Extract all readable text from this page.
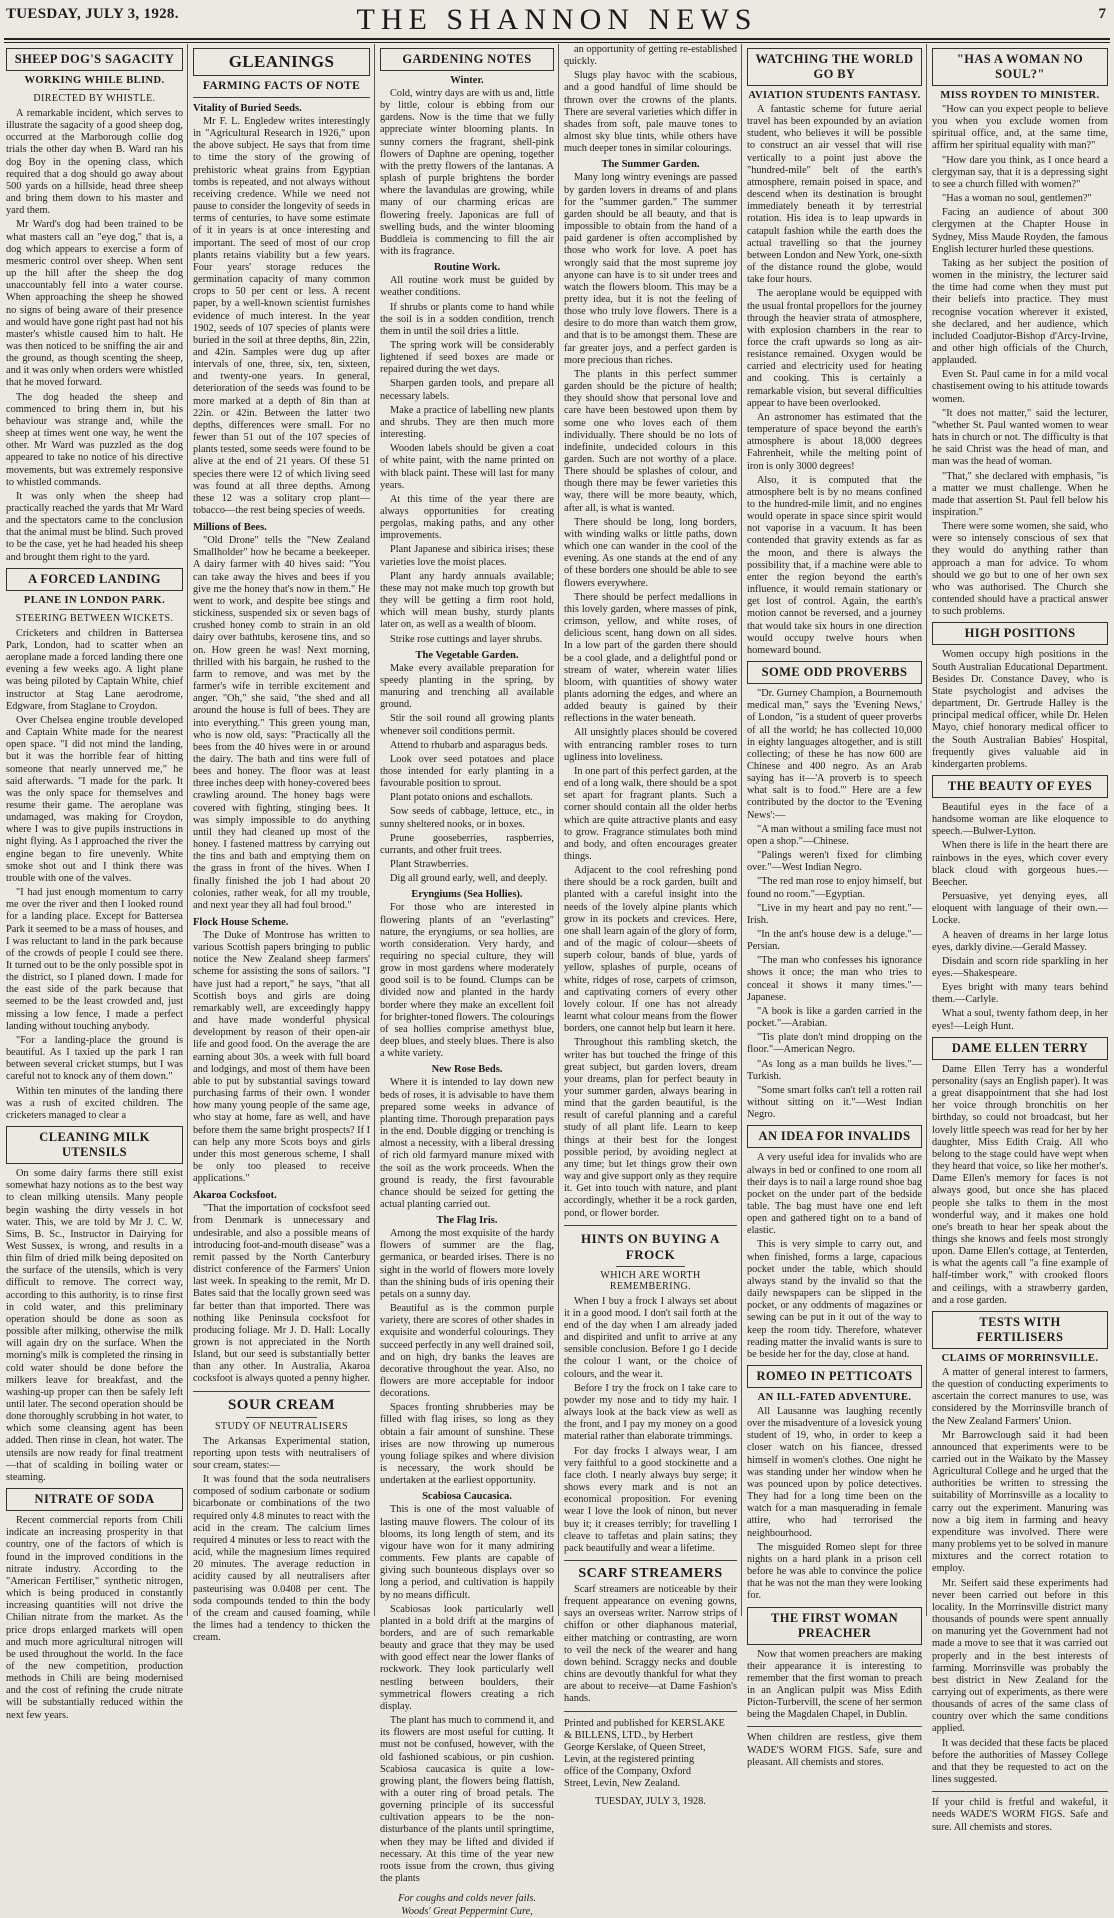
TUESDAY, JULY 3, 1928.	THE SHANNON NEWS	7
SHEEP DOG'S SAGACITY
WORKING WHILE BLIND.
DIRECTED BY WHISTLE.

A remarkable incident, which serves to illustrate the sagacity of a good sheep dog, occurred at the Marborough collie dog trials the other day when B. Ward ran his dog Boy in the opening class, which required that a dog should go away about 500 yards on a hillside, head three sheep and bring them down to his master and yard them.

Mr Ward's dog had been trained to be what masters call an "eye dog," that is, a dog which appears to exercise a form of mesmeric control over sheep. When sent up the hill after the sheep the dog unaccountably fell into a water course. When approaching the sheep he showed no signs of being aware of their presence and would have gone right past had not his master's whistle caused him to halt. He was then noticed to be sniffing the air and the ground, as though scenting the sheep, and it was only when orders were whistled that he moved forward.

The dog headed the sheep and commenced to bring them in, but his behaviour was strange and, while the sheep at times went one way, he went the other. Mr Ward was puzzled as the dog appeared to take no notice of his directive movements, but was extremely responsive to whistled commands.

It was only when the sheep had practically reached the yards that Mr Ward and the spectators came to the conclusion that the animal must be blind. Such proved to be the case, yet he had headed his sheep and brought them right to the yard.

A FORCED LANDING
PLANE IN LONDON PARK.
STEERING BETWEEN WICKETS.

Cricketers and children in Battersea Park, London, had to scatter when an aeroplane made a forced landing there one evening a few weeks ago. A light plane was being piloted by Captain White, chief instructor at Stag Lane aerodrome, Edgware, from Staglane to Croydon.

Over Chelsea engine trouble developed and Captain White made for the nearest open space. "I did not mind the landing, but it was the horrible fear of hitting someone that nearly unnerved me," he said afterwards. "I made for the park. It was the only space for themselves and resume their game. The aeroplane was undamaged, was making for Croydon, where I was to give pupils instructions in night flying. As I approached the river the engine began to fire unevenly. White smoke shot out and I think there was trouble with one of the valves.

"I had just enough momentum to carry me over the river and then I looked round for a landing place. Except for Battersea Park it seemed to be a mass of houses, and I was reluctant to land in the park because of the crowds of people I could see there. It turned out to be the only possible spot in the district, so I planed down. I made for the east side of the park because that seemed to be the least crowded and, just missing a low fence, I made a perfect landing without touching anybody.

"For a landing-place the ground is beautiful. As I taxied up the park I ran between several cricket stumps, but I was careful not to knock any of them down."

Within ten minutes of the landing there was a rush of excited children. The cricketers managed to clear a

CLEANING MILK UTENSILS

On some dairy farms there still exist somewhat hazy notions as to the best way to clean milking utensils. Many people begin washing the dirty vessels in hot water. This, we are told by Mr J. C. W. Sims, B. Sc., Instructor in Dairying for West Sussex, is wrong, and results in a thin film of dried milk being deposited on the surface of the utensils, which is very difficult to remove. The correct way, according to this authority, is to rinse first in cold water, and this preliminary operation should be done as soon as possible after milking, otherwise the milk will again dry on the surface. When the morning's milk is completed the rinsing in cold water should be done before the milkers leave for breakfast, and the washing-up proper can then be safely left until later. The second operation should be done thoroughly scrubbing in hot water, to which some cleansing agent has been added. Then rinse in clean, hot water. The utensils are now ready for final treatment—that of scalding in boiling water or steaming.

NITRATE OF SODA

Recent commercial reports from Chili indicate an increasing prosperity in that country, one of the factors of which is found in the improved conditions in the nitrate industry. According to the "American Fertiliser," synthetic nitrogen, which is being produced in constantly increasing quantities will not drive the Chilian nitrate from the market. As the price drops enlarged markets will open and much more agricultural nitrogen will be used throughout the world. In the face of the new competition, production methods in Chili are being modernised and the cost of refining the crude nitrate will be substantially reduced within the next few years.

GLEANINGS
FARMING FACTS OF NOTE
Vitality of Buried Seeds.

Mr F. L. Engledew writes interestingly in "Agricultural Research in 1926," upon the above subject. He says that from time to time the story of the growing of prehistoric wheat grains from Egyptian tombs is repeated, and not always without receiving credence. While we need not pause to consider the longevity of seeds in terms of centuries, to have some estimate of it in years is at once interesting and important. The seed of most of our crop plants retains viability but a few years. Four years' storage reduces the germination capacity of many common crops to 50 per cent or less. A recent paper, by a well-known scientist furnishes evidence of much interest. In the year 1902, seeds of 107 species of plants were buried in the soil at three depths, 8in, 22in, and 42in. Samples were dug up after intervals of one, three, six, ten, sixteen, and twenty-one years. In general, deterioration of the seeds was found to be more marked at a depth of 8in than at 22in. or 42in. Between the latter two depths, differences were small. For no fewer than 51 out of the 107 species of plants tested, some seeds were found to be alive at the end of 21 years. Of these 51 species there were 12 of which living seed was found at all three depths. Among these 12 was a solitary crop plant—tobacco—the rest being species of weeds.

Millions of Bees.

"Old Drone" tells the "New Zealand Smallholder" how he became a beekeeper. A dairy farmer with 40 hives said: "You can take away the hives and bees if you give me the honey that's now in them." He went to work, and despite bee stings and stickiness, suspended six or seven bags of crushed honey comb to strain in an old dairy over bathtubs, kerosene tins, and so on. How green he was! Next morning, thrilled with his bargain, he rushed to the farm to remove, and was met by the farmer's wife in terrible excitement and anger. "Oh," she said, "the shed and all around the house is full of bees. They are into everything." This green young man, who is now old, says: "Practically all the bees from the 40 hives were in or around the dairy. The bath and tins were full of bees and honey. The floor was at least three inches deep with honey-covered bees crawling around. The honey bags were covered with fighting, stinging bees. It was simply impossible to do anything until they had cleaned up most of the honey. I fastened mattress by carrying out the tins and bath and emptying them on the grass in front of the hives. When I finally finished the job I had about 20 colonies, rather weak, for all my trouble, and next year they all had foul brood."

Flock House Scheme.

The Duke of Montrose has written to various Scottish papers bringing to public notice the New Zealand sheep farmers' scheme for assisting the sons of sailors. "I have just had a report," he says, "that all Scottish boys and girls are doing remarkably well, are exceedingly happy and have made wonderful physical development by reason of their open-air life and good food. On the average the are earning about 30s. a week with full board and lodgings, and most of them have been able to put by substantial savings toward purchasing farms of their own. I wonder how many young people of the same age, who stay at home, fare as well, and have before them the same bright prospects? If I can help any more Scots boys and girls under this most generous scheme, I shall be only too pleased to receive applications."

Akaroa Cocksfoot.

"That the importation of cocksfoot seed from Denmark is unnecessary and undesirable, and also a possible means of introducing foot-and-mouth disease" was a remit passed by the North Canterbury district conference of the Farmers' Union last week. In speaking to the remit, Mr D. Bates said that the locally grown seed was far better than that imported. There was nothing like Peninsula cocksfoot for producing foliage. Mr J. D. Hall: Locally grown is not appreciated in the North Island, but our seed is substantially better than any other. In Australia, Akaroa cocksfoot is always quoted a penny higher.

SOUR CREAM
STUDY OF NEUTRALISERS

The Arkansas Experimental station, reporting upon tests with neutralisers of sour cream, states:—

It was found that the soda neutralisers composed of sodium carbonate or sodium bicarbonate or combinations of the two required only 4.8 minutes to react with the acid in the cream. The calcium limes required 4 minutes or less to react with the acid, while the magnesium limes required 20 minutes. The average reduction in acidity caused by all neutralisers after pasteurising was 0.0408 per cent. The soda compounds tended to thin the body of the cream and caused foaming, while the limes had a tendency to thicken the cream.

GARDENING NOTES
Winter.

Cold, wintry days are with us and, little by little, colour is ebbing from our gardens. Now is the time that we fully appreciate winter blooming plants. In sunny corners the fragrant, shell-pink flowers of Daphne are opening, together with the pretty flowers of the lantanas. A splash of purple brightens the border where the lavandulas are growing, while many of our charming ericas are flowering freely. Japonicas are full of swelling buds, and the winter blooming Buddleia is commencing to fill the air with its fragrance.

Routine Work.

All routine work must be guided by weather conditions.

If shrubs or plants come to hand while the soil is in a sodden condition, trench them in until the soil dries a little.

The spring work will be considerably lightened if seed boxes are made or repaired during the wet days.

Sharpen garden tools, and prepare all necessary labels.

Make a practice of labelling new plants and shrubs. They are then much more interesting.

Wooden labels should be given a coat of white paint, with the name printed on with black paint. These will last for many years.

At this time of the year there are always opportunities for creating pergolas, making paths, and any other improvements.

Plant Japanese and sibirica irises; these varieties love the moist places.

Plant any hardy annuals available; these may not make much top growth but they will be getting a firm root hold, which will mean bushy, sturdy plants later on, as well as a wealth of bloom.

Strike rose cuttings and layer shrubs.

The Vegetable Garden.

Make every available preparation for speedy planting in the spring, by manuring and trenching all available ground.

Stir the soil round all growing plants whenever soil conditions permit.

Attend to rhubarb and asparagus beds.

Look over seed potatoes and place those intended for early planting in a favourable position to sprout.

Plant potato onions and eschallots.

Sow seeds of cabbage, lettuce, etc., in sunny sheltered nooks, or in boxes.

Prune gooseberries, raspberries, currants, and other fruit trees.

Plant Strawberries.

Dig all ground early, well, and deeply.

Eryngiums (Sea Hollies).

For those who are interested in flowering plants of an "everlasting" nature, the eryngiums, or sea hollies, are worth consideration. Very hardy, and requiring no special culture, they will grow in most gardens where moderately good soil is to be found. Clumps can be divided now and planted in the hardy border where they make an excellent foil for brighter-toned flowers. The colourings of sea hollies comprise amethyst blue, deep blues, and steely blues. There is also a white variety.

New Rose Beds.

Where it is intended to lay down new beds of roses, it is advisable to have them prepared some weeks in advance of planting time. Thorough preparation pays in the end. Double digging or trenching is almost a necessity, with a liberal dressing of rich old farmyard manure mixed with the soil as the work proceeds. When the ground is ready, the first favourable chance should be seized for getting the actual planting carried out.

The Flag Iris.

Among the most exquisite of the hardy flowers of summer are the flag, germanica, or bearded irises. There is no sight in the world of flowers more lovely than the shining buds of iris opening their petals on a sunny day.

Beautiful as is the common purple variety, there are scores of other shades in exquisite and wonderful colourings. They succeed perfectly in any well drained soil, and on high, dry banks the leaves are decorative throughout the year. Also, no flowers are more acceptable for indoor decorations.

Spaces fronting shrubberies may be filled with flag irises, so long as they obtain a fair amount of sunshine. These irises are now throwing up numerous young foliage spikes and where division is necessary, the work should be undertaken at the earliest opportunity.

Scabiosa Caucasica.

This is one of the most valuable of lasting mauve flowers. The colour of its blooms, its long length of stem, and its vigour have won for it many admiring comments. Few plants are capable of giving such bounteous displays over so long a period, and cultivation is happily by no means difficult.

Scabiosas look particularly well planted in a bold drift at the margins of borders, and are of such remarkable beauty and grace that they may be used with good effect near the lower flanks of rockwork. They look particularly well nestling between boulders, their symmetrical flowers creating a rich display.

The plant has much to commend it, and its flowers are most useful for cutting. It must not be confused, however, with the old fashioned scabious, or pin cushion. Scabiosa caucasica is quite a low-growing plant, the flowers being flattish, with a outer ring of broad petals. The governing principle of its successful cultivation appears to be the non-disturbance of the plants until springtime, when they may be lifted and divided if necessary. At this time of the year new roots issue from the crown, thus giving the plants

For coughs and colds never fails.
Woods' Great Peppermint Cure,

an opportunity of getting re-established quickly.

Slugs play havoc with the scabious, and a good handful of lime should be thrown over the crowns of the plants. There are several varieties which differ in shades from soft, pale mauve tones to almost sky blue tints, while others have much deeper tones in similar colourings.

The Summer Garden.

Many long wintry evenings are passed by garden lovers in dreams of and plans for the "summer garden." The summer garden should be all beauty, and that is impossible to obtain from the hand of a paid gardener is often accomplished by those who work for love. A poet has wrongly said that the most supreme joy anyone can have is to sit under trees and watch the flowers bloom. This may be a pretty idea, but it is not the feeling of those who truly love flowers. There is a desire to do more than watch them grow, and that is to be amongst them. These are far greater joys, and a perfect garden is more precious than riches.

The plants in this perfect summer garden should be the picture of health; they should show that personal love and care have been bestowed upon them by some one who loves each of them individually. There should be no lots of indefinite, undecided colours in this garden. Such are not worthy of a place. There should be splashes of colour, and though there may be fewer varieties this way, there will be more beauty, which, after all, is what is wanted.

There should be long, long borders, with winding walks or little paths, down which one can wander in the cool of the evening. As one stands at the end of any of these borders one should be able to see flowers everywhere.

There should be perfect medallions in this lovely garden, where masses of pink, crimson, yellow, and white roses, of delicious scent, hang down on all sides. In a low part of the garden there should be a cool glade, and a delightful pond or stream of water, wherein water lilies bloom, with quantities of showy water plants adorning the edges, and where an added beauty is gained by their reflections in the water beneath.

All unsightly places should be covered with entrancing rambler roses to turn ugliness into loveliness.

In one part of this perfect garden, at the end of a long walk, there should be a spot set apart for fragrant plants. Such a corner should contain all the older herbs which are quite attractive plants and easy to grow. Fragrance stimulates both mind and body, and often encourages greater things.

Adjacent to the cool refreshing pond there should be a rock garden, built and planted with a careful insight into the needs of the lovely alpine plants which grow in its pockets and crevices. Here, one shall learn again of the glory of form, and of the magic of colour—sheets of superb colour, bands of blue, yards of yellow, splashes of purple, oceans of white, ridges of rose, carpets of crimson, and captivating corners of every other lovely colour. If one has not already learnt what colour means from the flower borders, one cannot help but learn it here.

Throughout this rambling sketch, the writer has but touched the fringe of this great subject, but garden lovers, dream your dreams, plan for perfect beauty in your summer garden, always bearing in mind that the garden beautiful, is the result of careful planning and a careful study of all plant life. Learn to keep things at their best for the longest possible period, by avoiding neglect at any time; but let things grow their own way and give support only as they require it. Get into touch with nature, and plant accordingly, whether it be a rock garden, pond, or flower border.

HINTS ON BUYING A FROCK
WHICH ARE WORTH REMEMBERING.

When I buy a frock I always set about it in a good mood. I don't sail forth at the end of the day when I am already jaded and dispirited and unfit to arrive at any sensible conclusion. Before I go I decide the colour I want, or the choice of colours, and the wear it.

Before I try the frock on I take care to powder my nose and to tidy my hair. I always look at the back view as well as the front, and I pay my money on a good material rather than elaborate trimmings.

For day frocks I always wear, I am very faithful to a good stockinette and a face cloth. I nearly always buy serge; it shows every mark and is not an economical proposition. For evening wear I love the look of ninon, but never buy it; it creases terribly; for travelling I cleave to taffetas and plain satins; they pack beautifully and wear a lifetime.

SCARF STREAMERS

Scarf streamers are noticeable by their frequent appearance on evening gowns, says an overseas writer. Narrow strips of chiffon or other diaphanous material, either matching or contrasting, are worn to veil the neck of the wearer and hang down behind. Scraggy necks and double chins are devoutly thankful for what they are about to receive—at Dame Fashion's hands.

Printed and published for KERSLAKE
& BILLENS, LTD., by Herbert
George Kerslake, of Queen Street,
Levin, at the registered printing
office of the Company, Oxford
Street, Levin, New Zealand.
TUESDAY, JULY 3, 1928.
WATCHING THE WORLD GO BY
AVIATION STUDENTS FANTASY.

A fantastic scheme for future aerial travel has been expounded by an aviation student, who believes it will be possible to construct an air vessel that will rise vertically to a point just above the "hundred-mile" belt of the earth's atmosphere, remain poised in space, and descend when its destination is brought immediately beneath it by terrestrial rotation. His idea is to leap upwards in catapult fashion while the earth does the actual travelling so that the journey between London and New York, one-sixth of the distance round the globe, would take four hours.

The aeroplane would be equipped with the usual frontal propellors for the journey through the heavier strata of atmosphere, with explosion chambers in the rear to force the craft upwards so long as air-resistance remained. Oxygen would be carried and electricity used for heating and cooking. This is certainly a remarkable vision, but several difficulties appear to have been overlooked.

An astronomer has estimated that the temperature of space beyond the earth's atmosphere is about 18,000 degrees Fahrenheit, while the melting point of iron is only 3000 degrees!

Also, it is computed that the atmosphere belt is by no means confined to the hundred-mile limit, and no engines would operate in space since spirit would not vaporise in a vacuum. It has been contended that gravity extends as far as the moon, and there is always the possibility that, if a machine were able to enter the region beyond the earth's influence, it would remain stationary or get lost of control. Again, the earth's motion cannot be reversed, and a journey that would take six hours in one direction would occupy twelve hours when homeward bound.

SOME ODD PROVERBS

"Dr. Gurney Champion, a Bournemouth medical man," says the 'Evening News,' of London, "is a student of queer proverbs of all the world; he has collected 10,000 in eighty languages altogether, and is still collecting; of these he has now 600 are Chinese and 400 negro. As an Arab saying has it—'A proverb is to speech what salt is to food.'" Here are a few contributed by the doctor to the 'Evening News':—

"A man without a smiling face must not open a shop."—Chinese.

"Palings weren't fixed for climbing over."—West Indian Negro.

"The red man rose to enjoy himself, but found no room."—Egyptian.

"Live in my heart and pay no rent."—Irish.

"In the ant's house dew is a deluge."—Persian.

"The man who confesses his ignorance shows it once; the man who tries to conceal it shows it many times."—Japanese.

"A book is like a garden carried in the pocket."—Arabian.

"Tis plate don't mind dropping on the floor."—American Negro.

"As long as a man builds he lives."—Turkish.

"Some smart folks can't tell a rotten rail without sitting on it."—West Indian Negro.

AN IDEA FOR INVALIDS

A very useful idea for invalids who are always in bed or confined to one room all their days is to nail a large round shoe bag pocket on the under part of the bedside table. The bag must have one end left open and gathered tight on to a band of elastic.

This is very simple to carry out, and when finished, forms a large, capacious pocket under the table, which should always stand by the invalid so that the daily newspapers can be slipped in the pocket, or any oddments of magazines or sewing can be put in it out of the way to keep the room tidy. Therefore, whatever reading matter the invalid wants is sure to be beside her for the day, close at hand.

ROMEO IN PETTICOATS
AN ILL-FATED ADVENTURE.

All Lausanne was laughing recently over the misadventure of a lovesick young student of 19, who, in order to keep a closer watch on his fiancee, dressed himself in women's clothes. One night he was standing under her window when he was pounced upon by police detectives. They had for a long time been on the watch for a man masquerading in female attire, who had terrorised the neighbourhood.

The misguided Romeo slept for three nights on a hard plank in a prison cell before he was able to convince the police that he was not the man they were looking for.

THE FIRST WOMAN PREACHER

Now that women preachers are making their appearance it is interesting to remember that the first woman to preach in an Anglican pulpit was Miss Edith Picton-Turbervill, the scene of her sermon being the Magdalen Chapel, in Dublin.

When children are restless, give them WADE'S WORM FIGS. Safe, sure and pleasant. All chemists and stores.

"HAS A WOMAN NO SOUL?"
MISS ROYDEN TO MINISTER.

"How can you expect people to believe you when you exclude women from spiritual office, and, at the same time, affirm her spiritual equality with man?"

"How dare you think, as I once heard a clergyman say, that it is a depressing sight to see a church filled with women?"

"Has a woman no soul, gentlemen?"

Facing an audience of about 300 clergymen at the Chapter House in Sydney, Miss Maude Royden, the famous English lecturer hurled these questions.

Taking as her subject the position of women in the ministry, the lecturer said the time had come when they must put their beliefs into practice. They must recognise vocation wherever it existed, she declared, and her audience, which included Coadjutor-Bishop d'Arcy-Irvine, and other high officials of the Church, applauded.

Even St. Paul came in for a mild vocal chastisement owing to his attitude towards women.

"It does not matter," said the lecturer, "whether St. Paul wanted women to wear hats in church or not. The difficulty is that he said Christ was the head of man, and man was the head of woman.

"That," she declared with emphasis, "is a matter we must challenge. When he made that assertion St. Paul fell below his inspiration."

There were some women, she said, who were so intensely conscious of sex that they would do anything rather than approach a man for advice. To whom should we go but to one of her own sex who was authorised. The Church she contended should have a practical answer to such problems.

HIGH POSITIONS

Women occupy high positions in the South Australian Educational Department. Besides Dr. Constance Davey, who is State psychologist and advises the department, Dr. Gertrude Halley is the principal medical officer, while Dr. Helen Mayo, chief honorary medical officer to the South Australian Babies' Hospital, frequently gives valuable aid in kindergarten problems.

THE BEAUTY OF EYES

Beautiful eyes in the face of a handsome woman are like eloquence to speech.—Bulwer-Lytton.

When there is life in the heart there are rainbows in the eyes, which cover every black cloud with gorgeous hues.—Beecher.

Persuasive, yet denying eyes, all eloquent with language of their own.—Locke.

A heaven of dreams in her large lotus eyes, darkly divine.—Gerald Massey.

Disdain and scorn ride sparkling in her eyes.—Shakespeare.

Eyes bright with many tears behind them.—Carlyle.

What a soul, twenty fathom deep, in her eyes!—Leigh Hunt.

DAME ELLEN TERRY

Dame Ellen Terry has a wonderful personality (says an English paper). It was a great disappointment that she had lost her voice through bronchitis on her birthday, so could not broadcast, but her lovely little speech was read for her by her daughter, Miss Edith Craig. All who belong to the stage could have wept when they heard that voice, so like her mother's. Dame Ellen's memory for faces is not always good, but once she has placed people she talks to them in the most wonderful way, and it makes one hold one's breath to hear her speak about the things she knows and feels most strongly upon. Dame Ellen's cottage, at Tenterden, is what the agents call "a fine example of half-timber work," with crooked floors and ceilings, with a strawberry garden, and a rose garden.

TESTS WITH FERTILISERS
CLAIMS OF MORRINSVILLE.

A matter of general interest to farmers, the question of conducting experiments to ascertain the correct manures to use, was considered by the Morrinsville branch of the New Zealand Farmers' Union.

Mr Barrowclough said it had been announced that experiments were to be carried out in the Waikato by the Massey Agricultural College and he urged that the authorities be written to stressing the suitability of Morrinsville as a locality to carry out the experiment. Manuring was now a big item in farming and heavy expenditure was involved. There were many problems yet to be solved in manure mixtures and the correct rotation to employ.

Mr. Seifert said these experiments had never been carried out before in this locality. In the Morrinsville district many thousands of pounds were spent annually on manuring yet the Government had not made a move to see that it was carried out properly and in the best interests of farming. Morrinsville was probably the best district in New Zealand for the carrying out of experiments, as there were thousands of acres of the same class of country over which the same conditions applied.

It was decided that these facts be placed before the authorities of Massey College and that they be requested to act on the lines suggested.

If your child is fretful and wakeful, it needs WADE'S WORM FIGS. Safe and sure. All chemists and stores.
